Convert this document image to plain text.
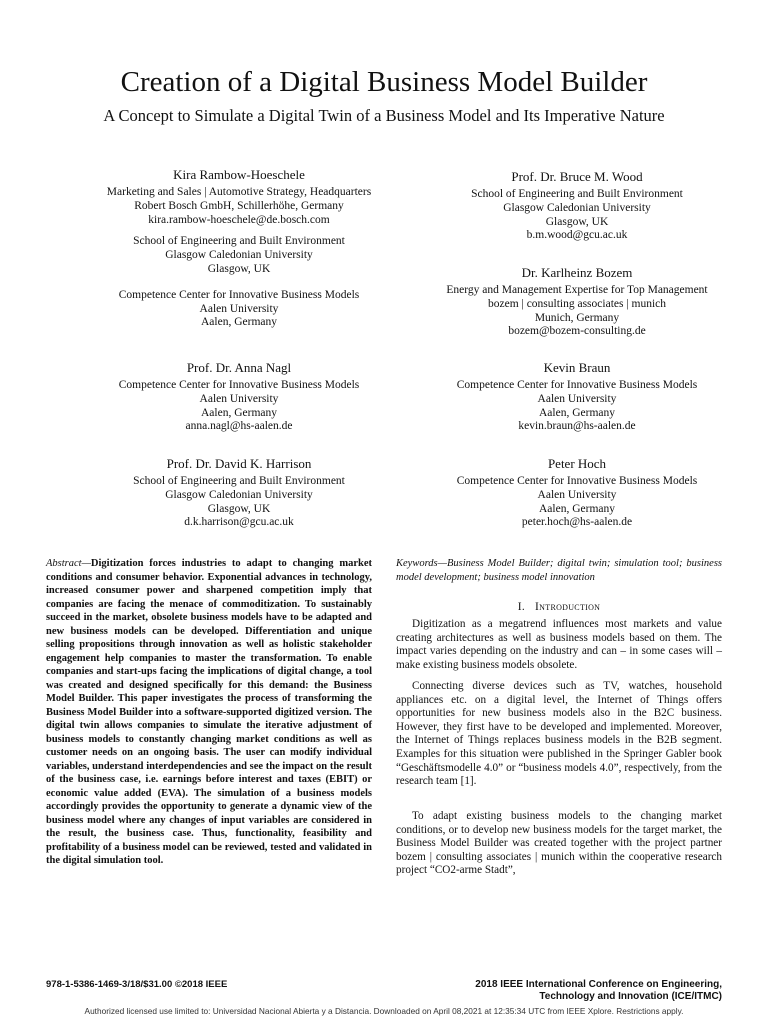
Creation of a Digital Business Model Builder
A Concept to Simulate a Digital Twin of a Business Model and Its Imperative Nature
Kira Rambow-Hoeschele
Marketing and Sales | Automotive Strategy, Headquarters
Robert Bosch GmbH, Schillerhöhe, Germany
kira.rambow-hoeschele@de.bosch.com
School of Engineering and Built Environment
Glasgow Caledonian University
Glasgow, UK
Competence Center for Innovative Business Models
Aalen University
Aalen, Germany
Prof. Dr. Anna Nagl
Competence Center for Innovative Business Models
Aalen University
Aalen, Germany
anna.nagl@hs-aalen.de
Prof. Dr. David K. Harrison
School of Engineering and Built Environment
Glasgow Caledonian University
Glasgow, UK
d.k.harrison@gcu.ac.uk
Prof. Dr. Bruce M. Wood
School of Engineering and Built Environment
Glasgow Caledonian University
Glasgow, UK
b.m.wood@gcu.ac.uk
Dr. Karlheinz Bozem
Energy and Management Expertise for Top Management
bozem | consulting associates | munich
Munich, Germany
bozem@bozem-consulting.de
Kevin Braun
Competence Center for Innovative Business Models
Aalen University
Aalen, Germany
kevin.braun@hs-aalen.de
Peter Hoch
Competence Center for Innovative Business Models
Aalen University
Aalen, Germany
peter.hoch@hs-aalen.de
Abstract—Digitization forces industries to adapt to changing market conditions and consumer behavior. Exponential advances in technology, increased consumer power and sharpened competition imply that companies are facing the menace of commoditization. To sustainably succeed in the market, obsolete business models have to be adapted and new business models can be developed. Differentiation and unique selling propositions through innovation as well as holistic stakeholder engagement help companies to master the transformation. To enable companies and start-ups facing the implications of digital change, a tool was created and designed specifically for this demand: the Business Model Builder. This paper investigates the process of transforming the Business Model Builder into a software-supported digitized version. The digital twin allows companies to simulate the iterative adjustment of business models to constantly changing market conditions as well as customer needs on an ongoing basis. The user can modify individual variables, understand interdependencies and see the impact on the result of the business case, i.e. earnings before interest and taxes (EBIT) or economic value added (EVA). The simulation of a business models accordingly provides the opportunity to generate a dynamic view of the business model where any changes of input variables are considered in the result, the business case. Thus, functionality, feasibility and profitability of a business model can be reviewed, tested and validated in the digital simulation tool.
Keywords—Business Model Builder; digital twin; simulation tool; business model development; business model innovation
I. Introduction
Digitization as a megatrend influences most markets and value creating architectures as well as business models based on them. The impact varies depending on the industry and can – in some cases will – make existing business models obsolete.
Connecting diverse devices such as TV, watches, household appliances etc. on a digital level, the Internet of Things offers opportunities for new business models also in the B2C business. However, they first have to be developed and implemented. Moreover, the Internet of Things replaces business models in the B2B segment. Examples for this situation were published in the Springer Gabler book “Geschäftsmodelle 4.0” or “business models 4.0”, respectively, from the research team [1].
To adapt existing business models to the changing market conditions, or to develop new business models for the target market, the Business Model Builder was created together with the project partner bozem | consulting associates | munich within the cooperative research project “CO2-arme Stadt”,
978-1-5386-1469-3/18/$31.00 ©2018 IEEE	2018 IEEE International Conference on Engineering,
Technology and Innovation (ICE/ITMC)
Authorized licensed use limited to: Universidad Nacional Abierta y a Distancia. Downloaded on April 08,2021 at 12:35:34 UTC from IEEE Xplore. Restrictions apply.
